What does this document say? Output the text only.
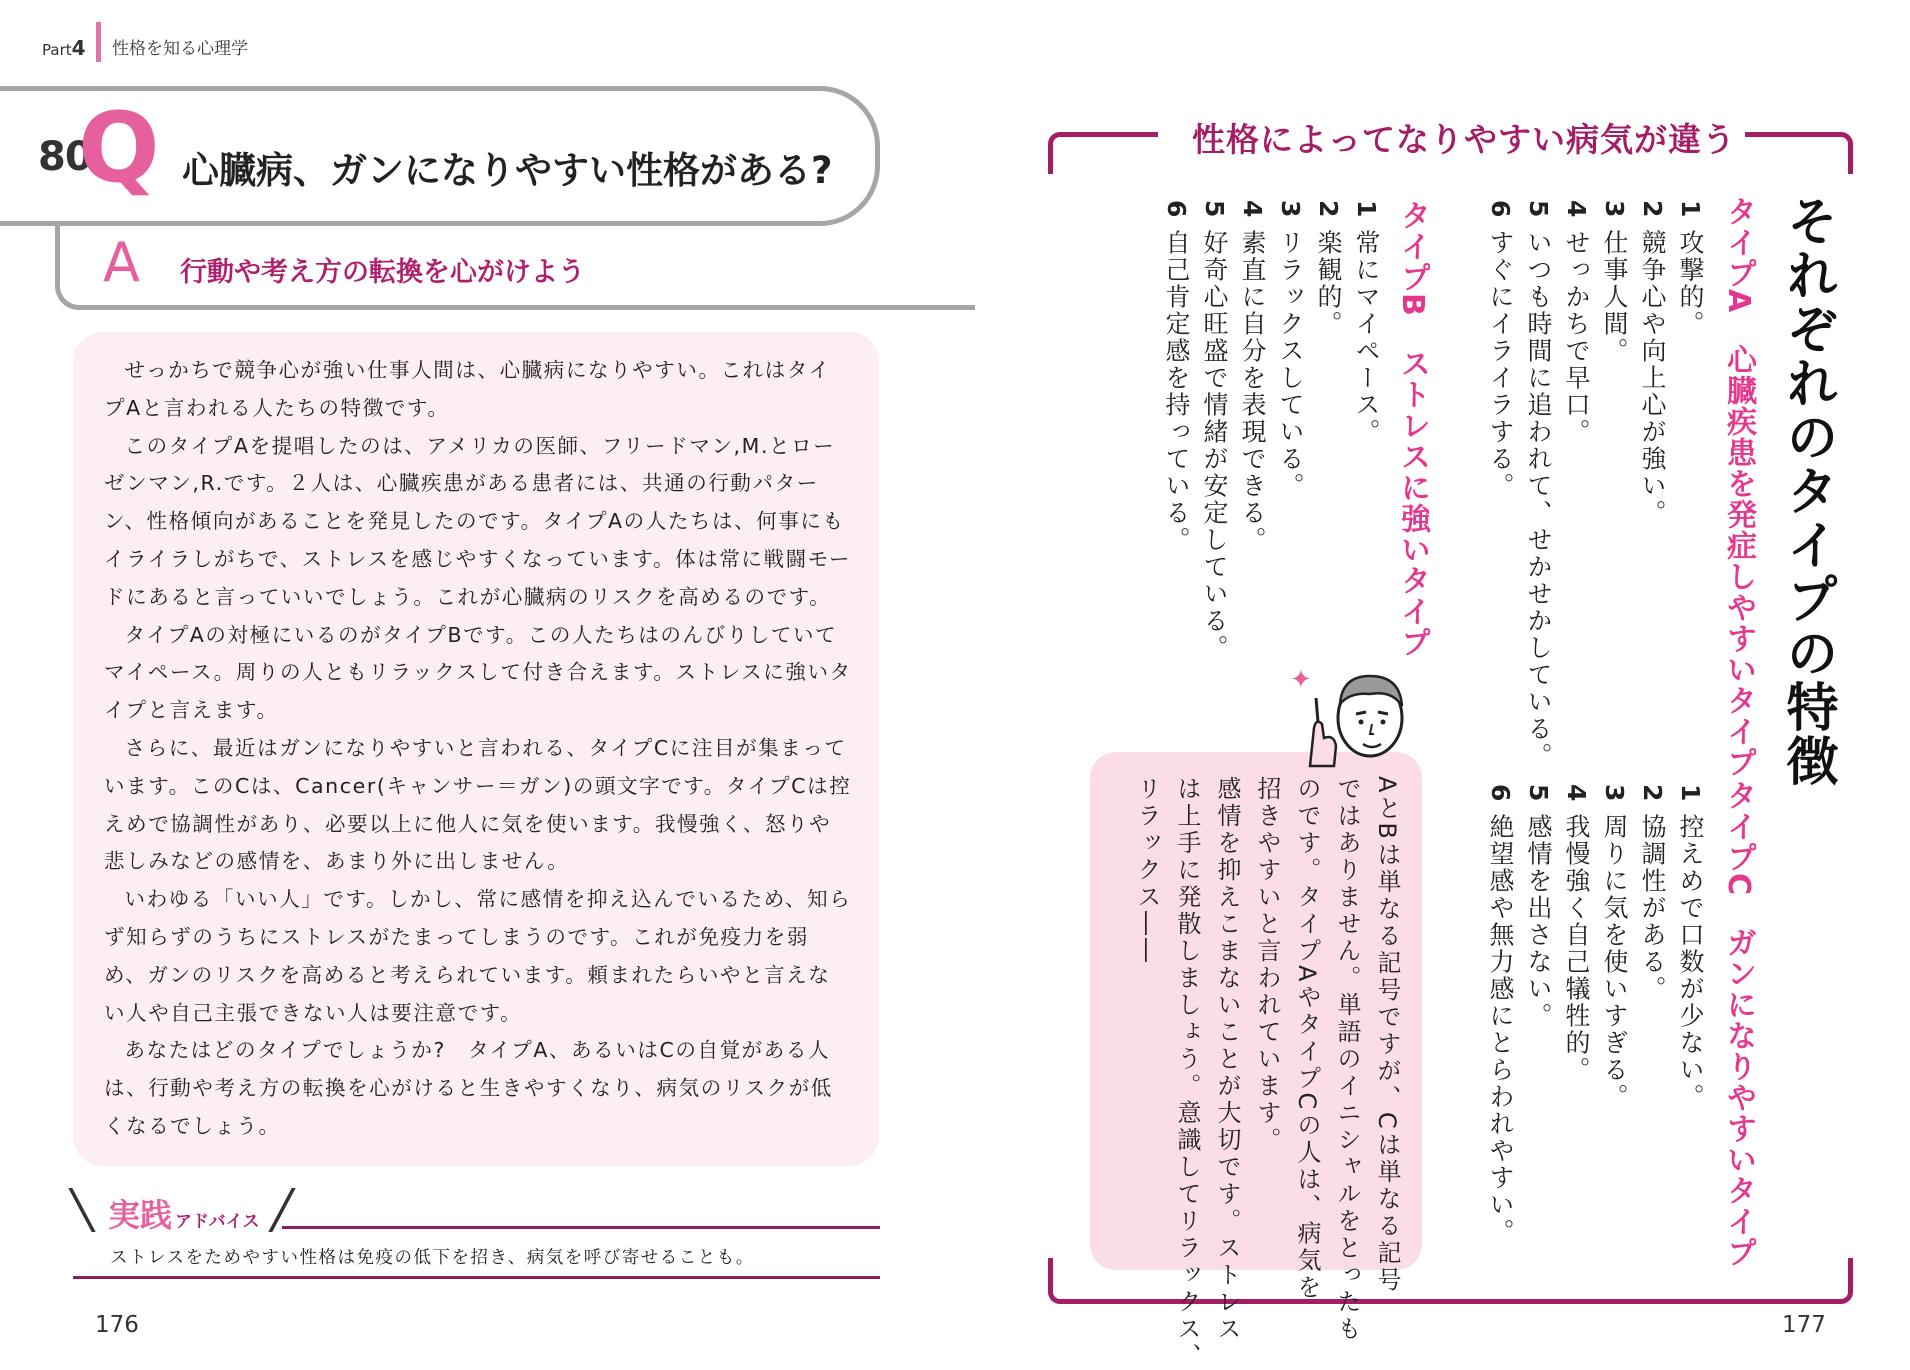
Part4 性格を知る心理学
80
Q 心臓病、ガンになりやすい性格がある?
A 行動や考え方の転換を心がけよう

せっかちで競争心が強い仕事人間は、心臓病になりやすい。これはタイプAと言われる人たちの特徴です。

このタイプAを提唱したのは、アメリカの医師、フリードマン,M.とローゼンマン,R.です。２人は、心臓疾患がある患者には、共通の行動パターン、性格傾向があることを発見したのです。タイプAの人たちは、何事にもイライラしがちで、ストレスを感じやすくなっています。体は常に戦闘モードにあると言っていいでしょう。これが心臓病のリスクを高めるのです。

タイプAの対極にいるのがタイプBです。この人たちはのんびりしていてマイペース。周りの人ともリラックスして付き合えます。ストレスに強いタイプと言えます。

さらに、最近はガンになりやすいと言われる、タイプCに注目が集まっています。このCは、Cancer(キャンサー＝ガン)の頭文字です。タイプCは控えめで協調性があり、必要以上に他人に気を使います。我慢強く、怒りや悲しみなどの感情を、あまり外に出しません。

いわゆる「いい人」です。しかし、常に感情を抑え込んでいるため、知らず知らずのうちにストレスがたまってしまうのです。これが免疫力を弱め、ガンのリスクを高めると考えられています。頼まれたらいやと言えない人や自己主張できない人は要注意です。

あなたはどのタイプでしょうか?　タイプA、あるいはCの自覚がある人は、行動や考え方の転換を心がけると生きやすくなり、病気のリスクが低くなるでしょう。

実践 アドバイス
ストレスをためやすい性格は免疫の低下を招き、病気を呼び寄せることも。
176	177
性格によってなりやすい病気が違う
それぞれのタイプの特徴
タイプA　心臓疾患を発症しやすいタイプ
1 攻撃的。
2 競争心や向上心が強い。
3 仕事人間。
4 せっかちで早口。
5 いつも時間に追われて、せかせかしている。
6 すぐにイライラする。
タイプB　ストレスに強いタイプ
1 常にマイペース。
2 楽観的。
3 リラックスしている。
4 素直に自分を表現できる。
5 好奇心旺盛で情緒が安定している。
6 自己肯定感を持っている。
タイプC　ガンになりやすいタイプ
1 控えめで口数が少ない。
2 協調性がある。
3 周りに気を使いすぎる。
4 我慢強く自己犠牲的。
5 感情を出さない。
6 絶望感や無力感にとらわれやすい。
AとBは単なる記号ですが、Cは単なる記号
ではありません。単語のイニシャルをとったも
のです。タイプAやタイプCの人は、病気を
招きやすいと言われています。
感情を抑えこまないことが大切です。ストレス
は上手に発散しましょう。意識してリラックス、
リラックス――
✦
